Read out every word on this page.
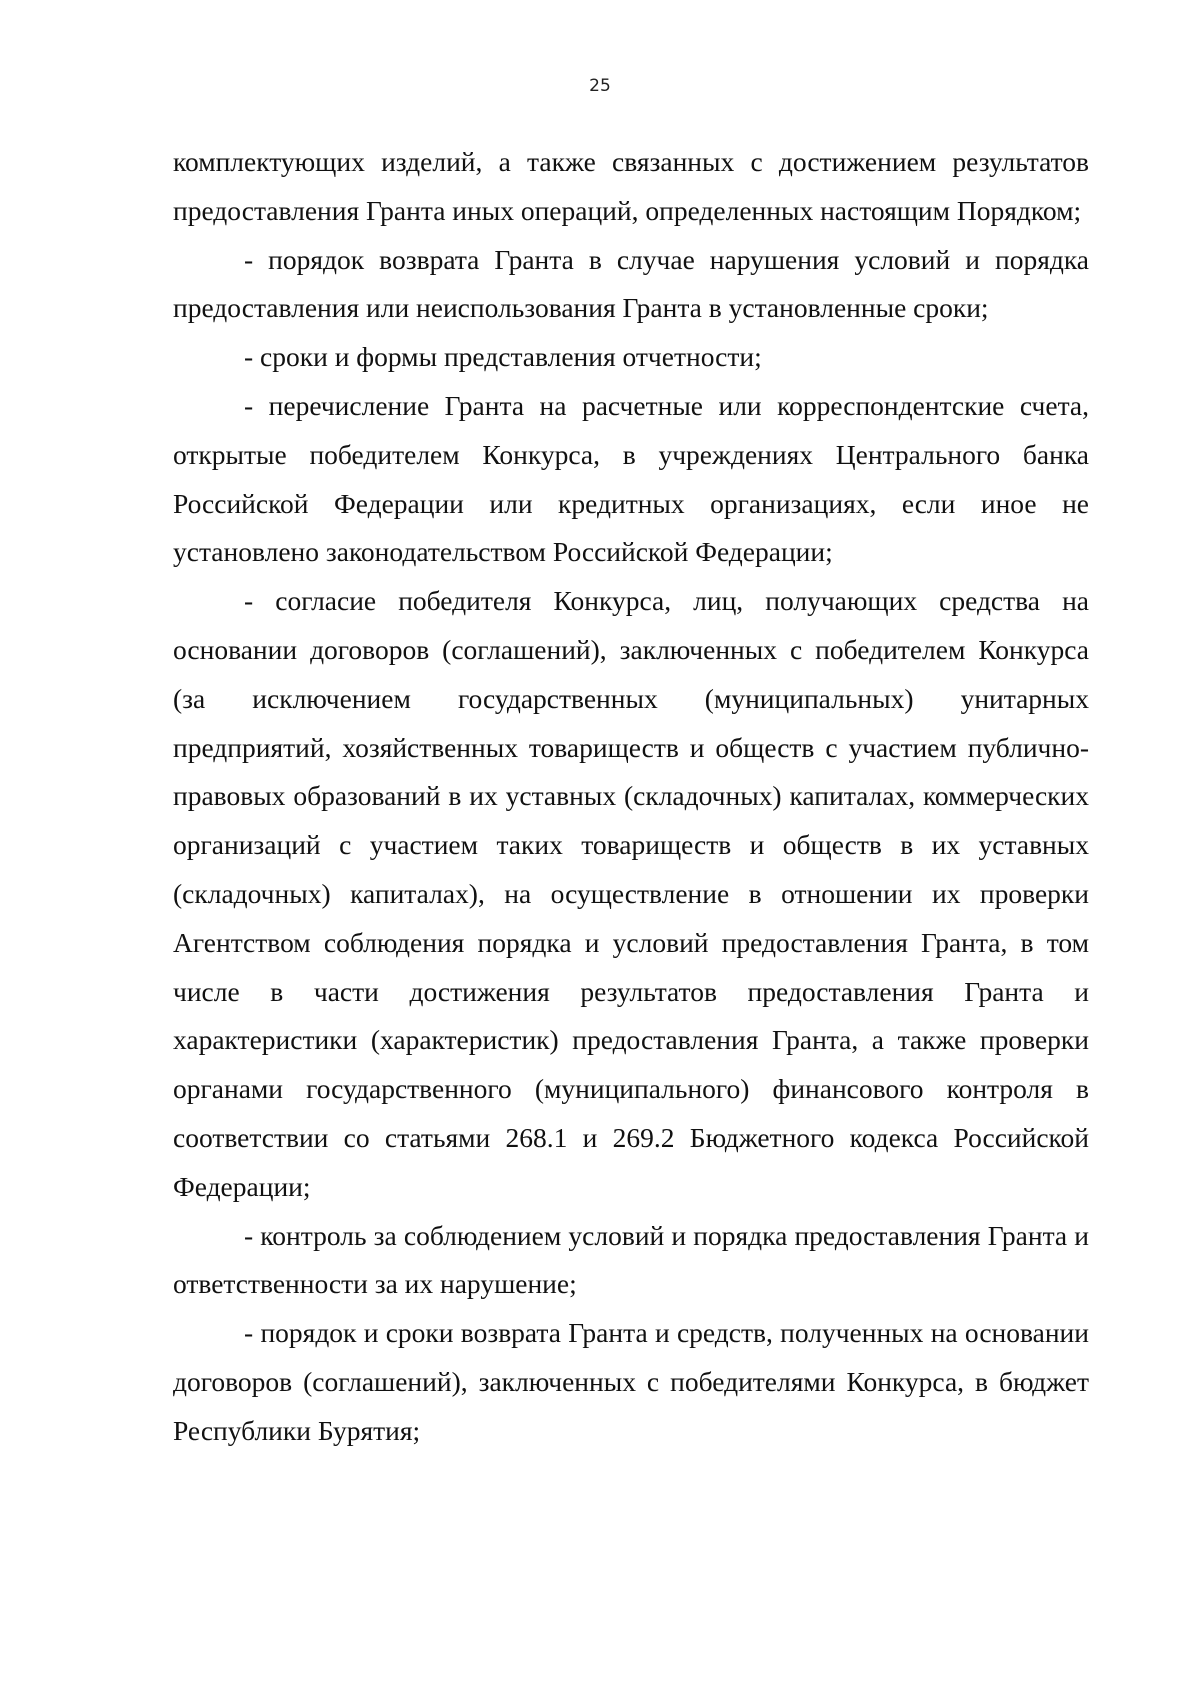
25

комплектующих изделий, а также связанных с достижением результатов предоставления Гранта иных операций, определенных настоящим Порядком;

- порядок возврата Гранта в случае нарушения условий и порядка предоставления или неиспользования Гранта в установленные сроки;

- сроки и формы представления отчетности;

- перечисление Гранта на расчетные или корреспондентские счета, открытые победителем Конкурса, в учреждениях Центрального банка Российской Федерации или кредитных организациях, если иное не установлено законодательством Российской Федерации;

- согласие победителя Конкурса, лиц, получающих средства на основании договоров (соглашений), заключенных с победителем Конкурса (за исключением государственных (муниципальных) унитарных предприятий, хозяйственных товариществ и обществ с участием публично-правовых образований в их уставных (складочных) капиталах, коммерческих организаций с участием таких товариществ и обществ в их уставных (складочных) капиталах), на осуществление в отношении их проверки Агентством соблюдения порядка и условий предоставления Гранта, в том числе в части достижения результатов предоставления Гранта и характеристики (характеристик) предоставления Гранта, а также проверки органами государственного (муниципального) финансового контроля в соответствии со статьями 268.1 и 269.2 Бюджетного кодекса Российской Федерации;

- контроль за соблюдением условий и порядка предоставления Гранта и ответственности за их нарушение;

- порядок и сроки возврата Гранта и средств, полученных на основании договоров (соглашений), заключенных с победителями Конкурса, в бюджет Республики Бурятия;
